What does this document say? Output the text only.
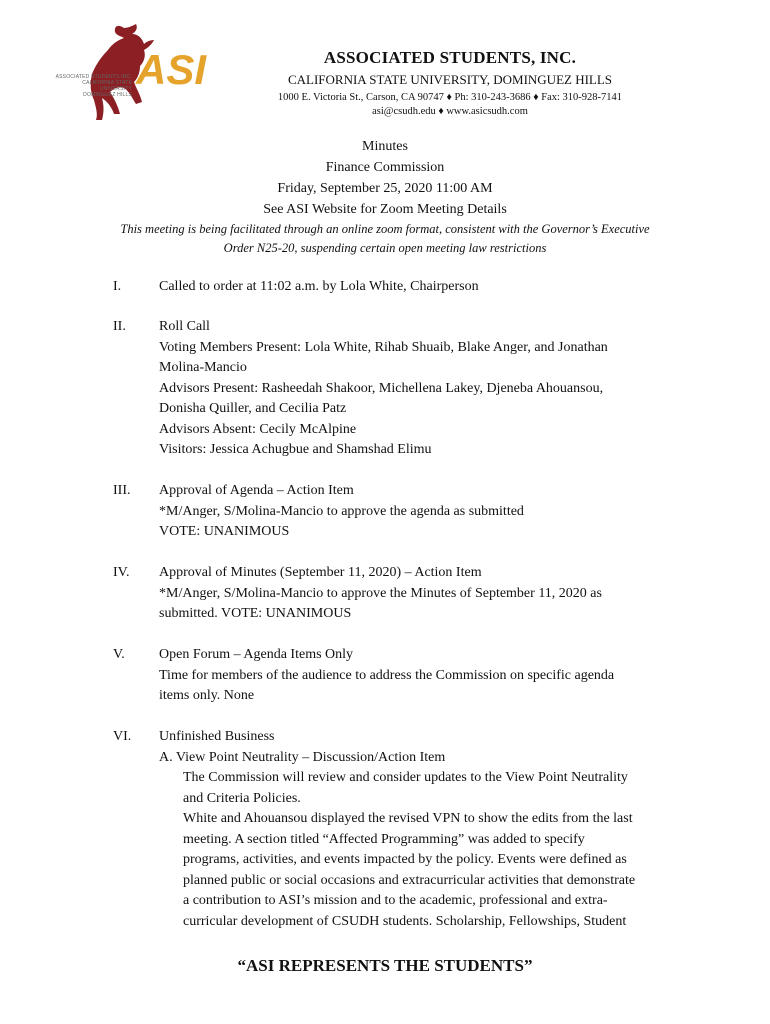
ASI
ASSOCIATED STUDENTS INC.
CALIFORNIA STATE UNIVERSITY
DOMINGUEZ HILLS
ASSOCIATED STUDENTS, INC.
CALIFORNIA STATE UNIVERSITY, DOMINGUEZ HILLS
1000 E. Victoria St., Carson, CA 90747 ♦ Ph: 310-243-3686 ♦ Fax: 310-928-7141
asi@csudh.edu ♦ www.asicsudh.com
Minutes
Finance Commission
Friday, September 25, 2020 11:00 AM
See ASI Website for Zoom Meeting Details
This meeting is being facilitated through an online zoom format, consistent with the Governor’s Executive
Order N25-20, suspending certain open meeting law restrictions
I.	Called to order at 11:02 a.m. by Lola White, Chairperson
II. Roll Call
Voting Members Present: Lola White, Rihab Shuaib, Blake Anger, and Jonathan
Molina-Mancio
Advisors Present: Rasheedah Shakoor, Michellena Lakey, Djeneba Ahouansou,
Donisha Quiller, and Cecilia Patz
Advisors Absent: Cecily McAlpine
Visitors: Jessica Achugbue and Shamshad Elimu
III. Approval of Agenda – Action Item
*M/Anger, S/Molina-Mancio to approve the agenda as submitted
VOTE: UNANIMOUS
IV. Approval of Minutes (September 11, 2020) – Action Item
*M/Anger, S/Molina-Mancio to approve the Minutes of September 11, 2020 as
submitted. VOTE: UNANIMOUS
V. Open Forum – Agenda Items Only
Time for members of the audience to address the Commission on specific agenda
items only. None
VI. Unfinished Business
A. View Point Neutrality – Discussion/Action Item
The Commission will review and consider updates to the View Point Neutrality
and Criteria Policies.
White and Ahouansou displayed the revised VPN to show the edits from the last
meeting. A section titled “Affected Programming” was added to specify
programs, activities, and events impacted by the policy. Events were defined as
planned public or social occasions and extracurricular activities that demonstrate
a contribution to ASI’s mission and to the academic, professional and extra-
curricular development of CSUDH students. Scholarship, Fellowships, Student
“ASI REPRESENTS THE STUDENTS”
